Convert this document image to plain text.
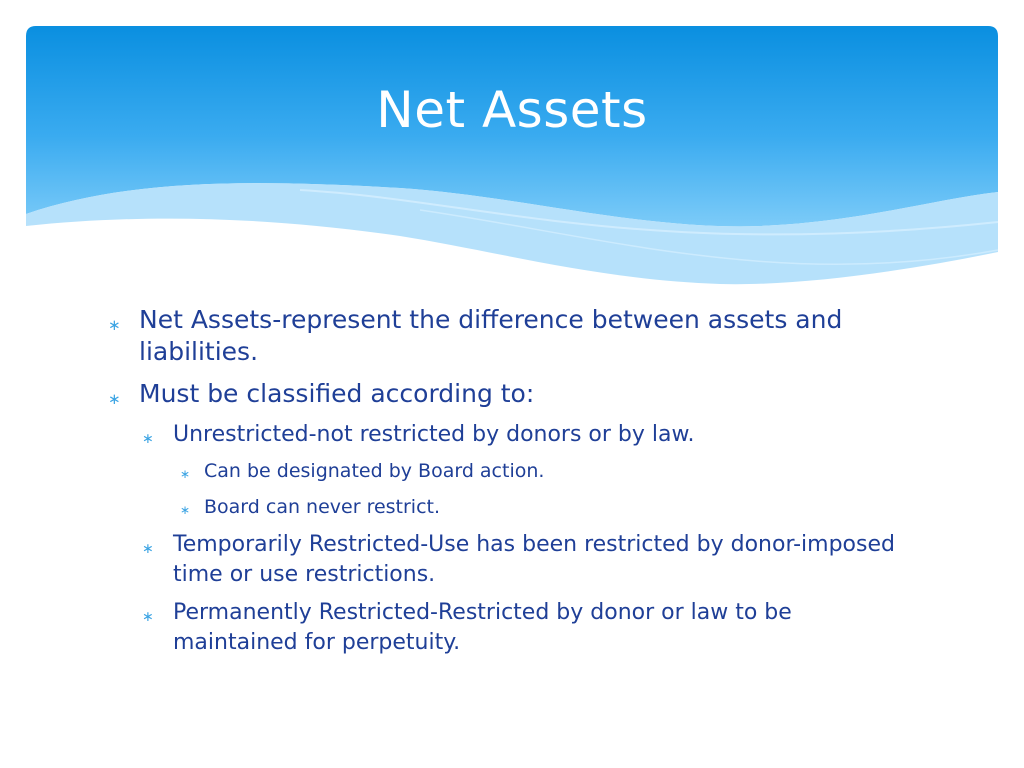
Net Assets

∗ Net Assets-represent the difference between assets and liabilities.

∗ Must be classified according to:

∗ Unrestricted-not restricted by donors or by law.

∗ Can be designated by Board action.

∗ Board can never restrict.

∗ Temporarily Restricted-Use has been restricted by donor-imposed time or use restrictions.

∗ Permanently Restricted-Restricted by donor or law to be maintained for perpetuity.
